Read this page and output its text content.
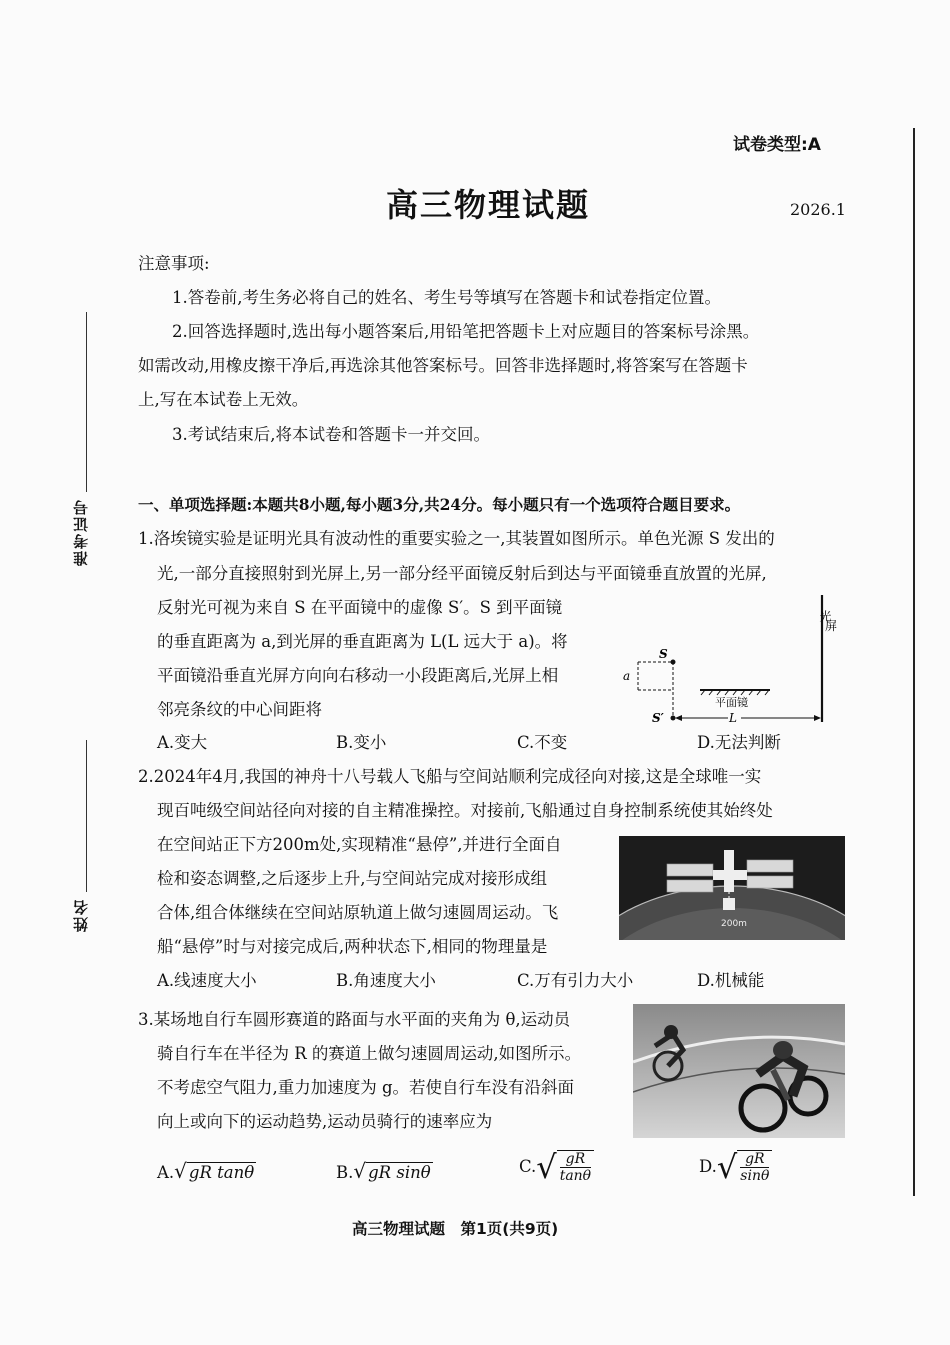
准考证号
姓名
试卷类型:A
高三物理试题	2026.1
注意事项:
1.答卷前,考生务必将自己的姓名、考生号等填写在答题卡和试卷指定位置。
2.回答选择题时,选出每小题答案后,用铅笔把答题卡上对应题目的答案标号涂黑。
如需改动,用橡皮擦干净后,再选涂其他答案标号。回答非选择题时,将答案写在答题卡
上,写在本试卷上无效。
3.考试结束后,将本试卷和答题卡一并交回。
一、单项选择题:本题共8小题,每小题3分,共24分。每小题只有一个选项符合题目要求。
1.洛埃镜实验是证明光具有波动性的重要实验之一,其装置如图所示。单色光源 S 发出的
光,一部分直接照射到光屏上,另一部分经平面镜反射后到达与平面镜垂直放置的光屏,
反射光可视为来自 S 在平面镜中的虚像 S′。S 到平面镜
的垂直距离为 a,到光屏的垂直距离为 L(L 远大于 a)。将
平面镜沿垂直光屏方向向右移动一小段距离后,光屏上相
邻亮条纹的中心间距将
光
屏
S
a
平面镜
S′	L
A.变大	B.变小	C.不变	D.无法判断
2.2024年4月,我国的神舟十八号载人飞船与空间站顺利完成径向对接,这是全球唯一实
现百吨级空间站径向对接的自主精准操控。对接前,飞船通过自身控制系统使其始终处
在空间站正下方200m处,实现精准“悬停”,并进行全面自
检和姿态调整,之后逐步上升,与空间站完成对接形成组
合体,组合体继续在空间站原轨道上做匀速圆周运动。飞
船“悬停”时与对接完成后,两种状态下,相同的物理量是
200m
A.线速度大小	B.角速度大小	C.万有引力大小	D.机械能
3.某场地自行车圆形赛道的路面与水平面的夹角为 θ,运动员
骑自行车在半径为 R 的赛道上做匀速圆周运动,如图所示。
不考虑空气阻力,重力加速度为 g。若使自行车没有沿斜面
向上或向下的运动趋势,运动员骑行的速率应为
A.√ gR tanθ	B.√ gR sinθ	$C.√ \frac{gR}{\tan\theta}$	$D.√ \frac{gR}{\sin\theta}$
高三物理试题　第1页(共9页)
